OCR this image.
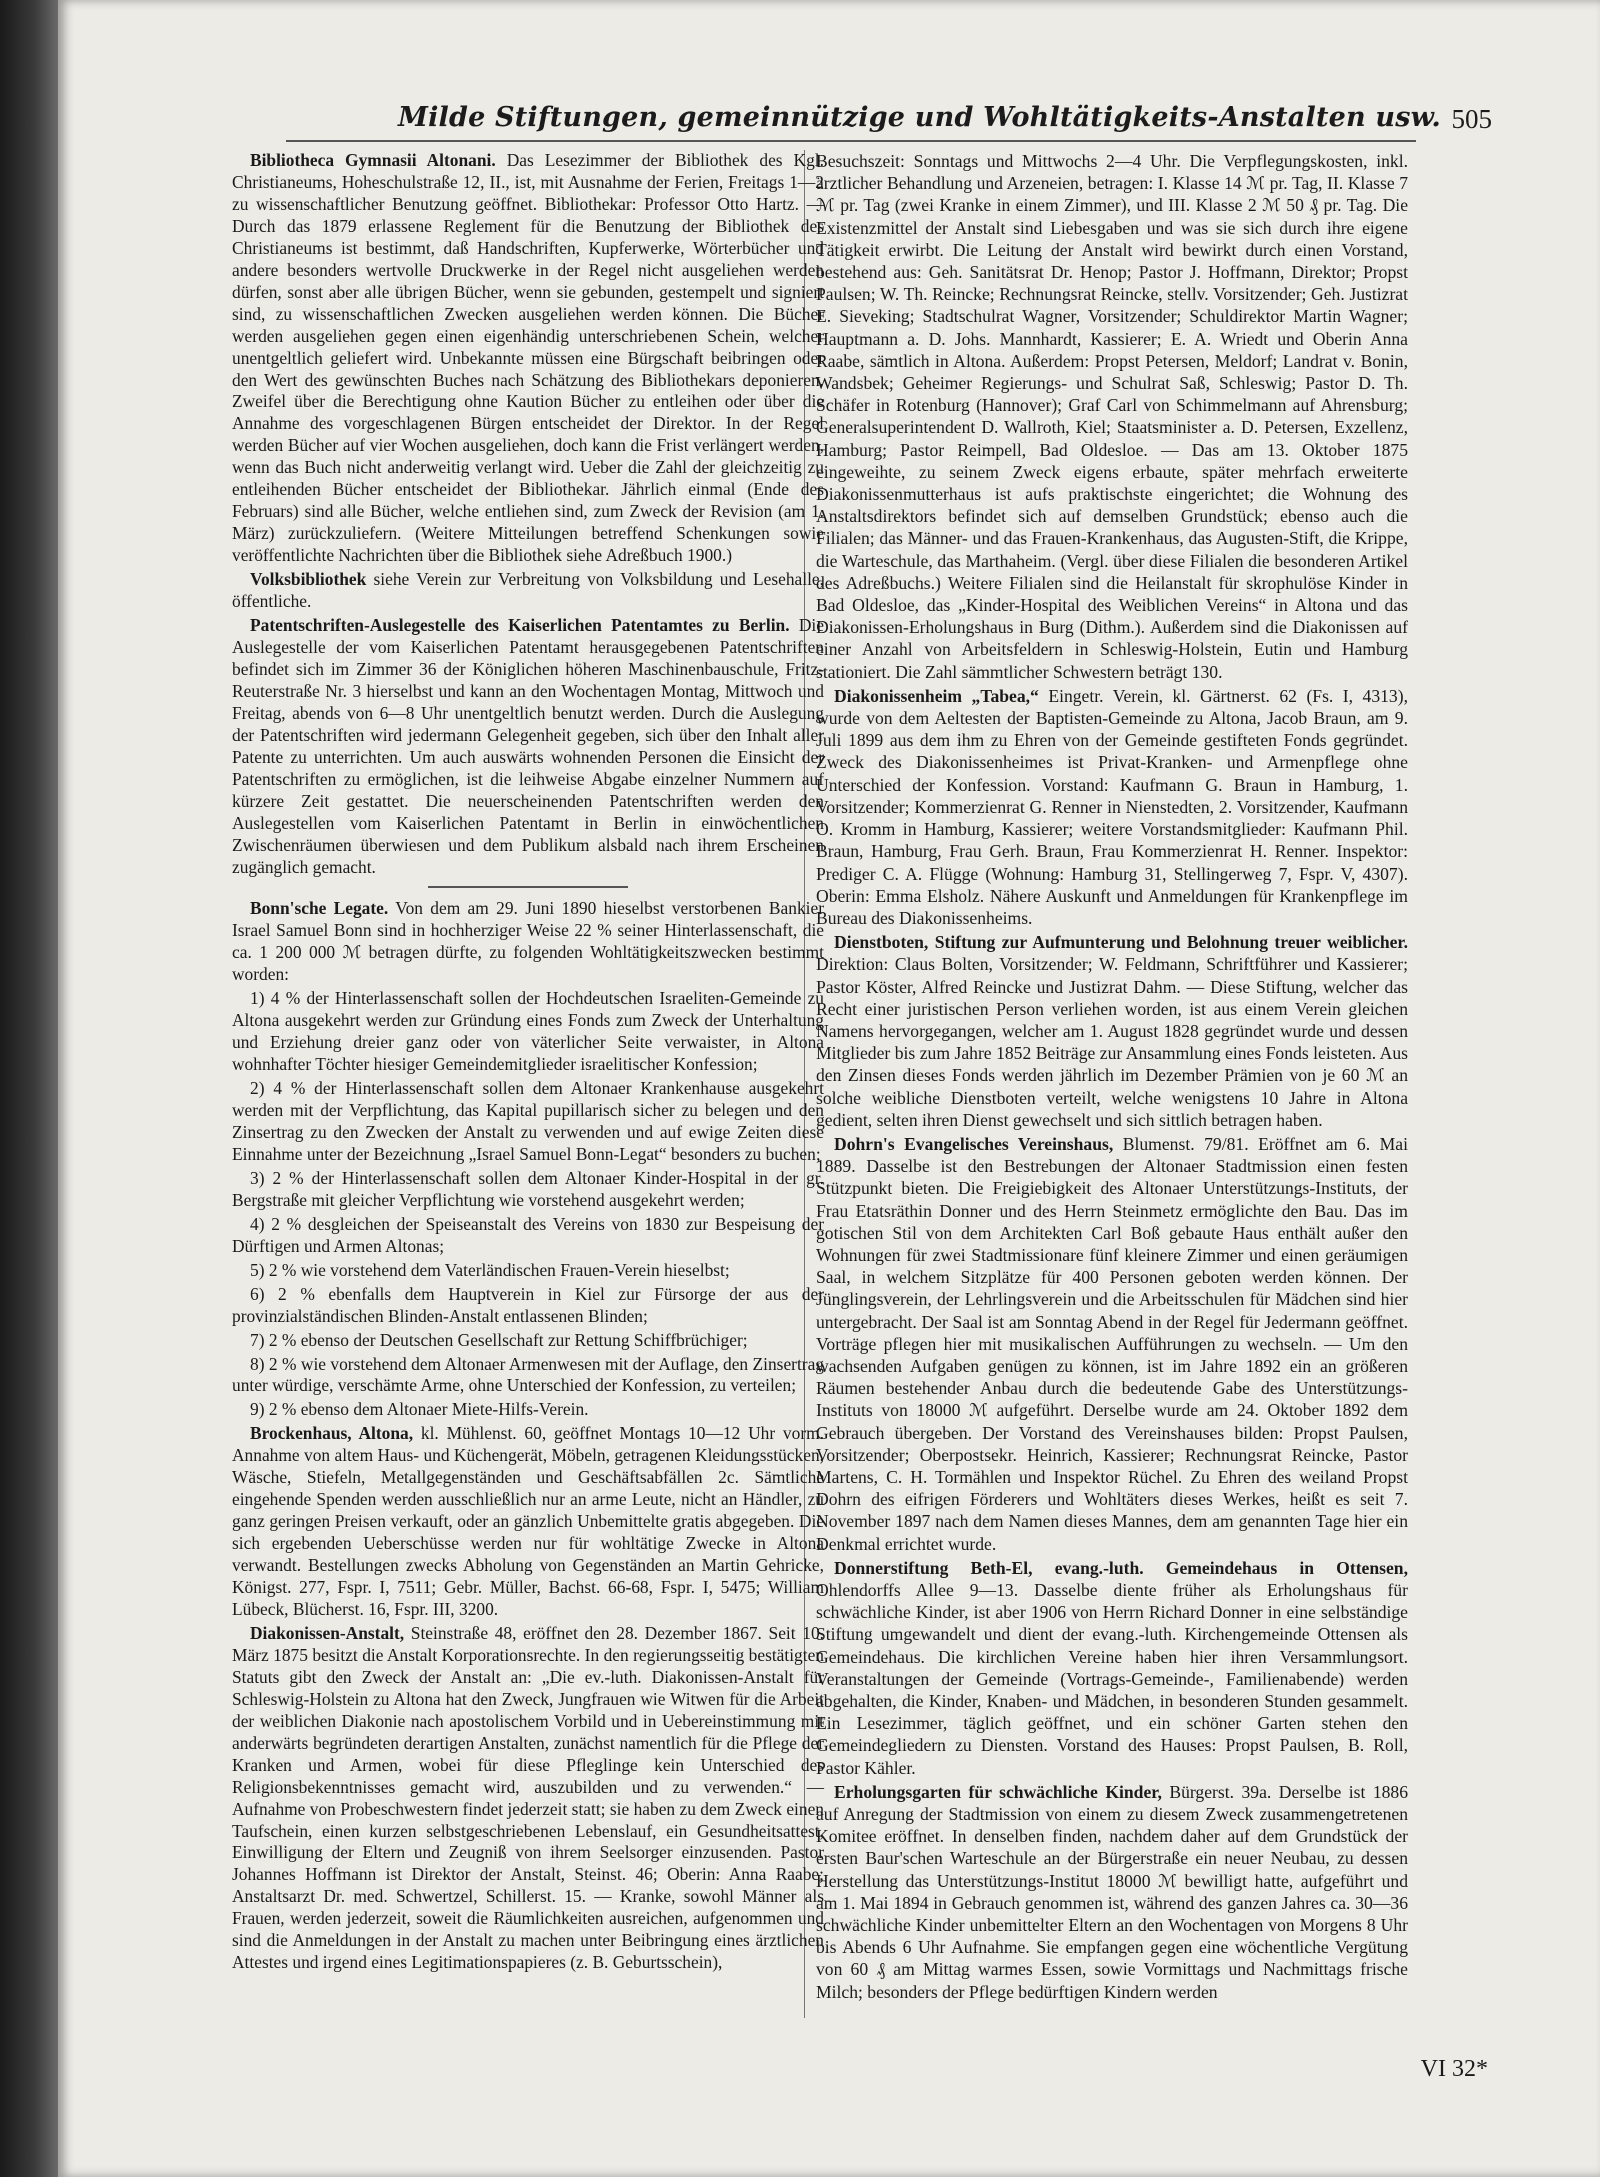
Milde Stiftungen, gemeinnützige und Wohltätigkeits-Anstalten usw. 505

Bibliotheca Gymnasii Altonani. Das Lesezimmer der Bibliothek des Kgl. Christianeums, Hoheschulstraße 12, II., ist, mit Ausnahme der Ferien, Freitags 1—2 zu wissenschaftlicher Benutzung geöffnet. Bibliothekar: Professor Otto Hartz. — Durch das 1879 erlassene Reglement für die Benutzung der Bibliothek des Christianeums ist bestimmt, daß Handschriften, Kupferwerke, Wörterbücher und andere besonders wertvolle Druckwerke in der Regel nicht ausgeliehen werden dürfen, sonst aber alle übrigen Bücher, wenn sie gebunden, gestempelt und signiert sind, zu wissenschaftlichen Zwecken ausgeliehen werden können. Die Bücher werden ausgeliehen gegen einen eigenhändig unterschriebenen Schein, welcher unentgeltlich geliefert wird. Unbekannte müssen eine Bürgschaft beibringen oder den Wert des gewünschten Buches nach Schätzung des Bibliothekars deponieren. Zweifel über die Berechtigung ohne Kaution Bücher zu entleihen oder über die Annahme des vorgeschlagenen Bürgen entscheidet der Direktor. In der Regel werden Bücher auf vier Wochen ausgeliehen, doch kann die Frist verlängert werden, wenn das Buch nicht anderweitig verlangt wird. Ueber die Zahl der gleichzeitig zu entleihenden Bücher entscheidet der Bibliothekar. Jährlich einmal (Ende des Februars) sind alle Bücher, welche entliehen sind, zum Zweck der Revision (am 1. März) zurückzuliefern. (Weitere Mitteilungen betreffend Schenkungen sowie veröffentlichte Nachrichten über die Bibliothek siehe Adreßbuch 1900.)

Volksbibliothek siehe Verein zur Verbreitung von Volksbildung und Lesehalle, öffentliche.

Patentschriften-Auslegestelle des Kaiserlichen Patentamtes zu Berlin. Die Auslegestelle der vom Kaiserlichen Patentamt herausgegebenen Patentschriften befindet sich im Zimmer 36 der Königlichen höheren Maschinenbauschule, Fritz-Reuterstraße Nr. 3 hierselbst und kann an den Wochentagen Montag, Mittwoch und Freitag, abends von 6—8 Uhr unentgeltlich benutzt werden. Durch die Auslegung der Patentschriften wird jedermann Gelegenheit gegeben, sich über den Inhalt aller Patente zu unterrichten. Um auch auswärts wohnenden Personen die Einsicht der Patentschriften zu ermöglichen, ist die leihweise Abgabe einzelner Nummern auf kürzere Zeit gestattet. Die neuerscheinenden Patentschriften werden den Auslegestellen vom Kaiserlichen Patentamt in Berlin in einwöchentlichen Zwischenräumen überwiesen und dem Publikum alsbald nach ihrem Erscheinen zugänglich gemacht.

Bonn'sche Legate. Von dem am 29. Juni 1890 hieselbst verstorbenen Bankier Israel Samuel Bonn sind in hochherziger Weise 22 % seiner Hinterlassenschaft, die ca. 1 200 000 ℳ betragen dürfte, zu folgenden Wohltätigkeitszwecken bestimmt worden:

1) 4 % der Hinterlassenschaft sollen der Hochdeutschen Israeliten-Gemeinde zu Altona ausgekehrt werden zur Gründung eines Fonds zum Zweck der Unterhaltung und Erziehung dreier ganz oder von väterlicher Seite verwaister, in Altona wohnhafter Töchter hiesiger Gemeindemitglieder israelitischer Konfession;

2) 4 % der Hinterlassenschaft sollen dem Altonaer Krankenhause ausgekehrt werden mit der Verpflichtung, das Kapital pupillarisch sicher zu belegen und den Zinsertrag zu den Zwecken der Anstalt zu verwenden und auf ewige Zeiten diese Einnahme unter der Bezeichnung „Israel Samuel Bonn-Legat“ besonders zu buchen;

3) 2 % der Hinterlassenschaft sollen dem Altonaer Kinder-Hospital in der gr. Bergstraße mit gleicher Verpflichtung wie vorstehend ausgekehrt werden;

4) 2 % desgleichen der Speiseanstalt des Vereins von 1830 zur Bespeisung der Dürftigen und Armen Altonas;

5) 2 % wie vorstehend dem Vaterländischen Frauen-Verein hieselbst;

6) 2 % ebenfalls dem Hauptverein in Kiel zur Fürsorge der aus der provinzialständischen Blinden-Anstalt entlassenen Blinden;

7) 2 % ebenso der Deutschen Gesellschaft zur Rettung Schiffbrüchiger;

8) 2 % wie vorstehend dem Altonaer Armenwesen mit der Auflage, den Zinsertrag unter würdige, verschämte Arme, ohne Unterschied der Konfession, zu verteilen;

9) 2 % ebenso dem Altonaer Miete-Hilfs-Verein.

Brockenhaus, Altona, kl. Mühlenst. 60, geöffnet Montags 10—12 Uhr vorm. Annahme von altem Haus- und Küchengerät, Möbeln, getragenen Kleidungsstücken, Wäsche, Stiefeln, Metallgegenständen und Geschäftsabfällen 2c. Sämtliche eingehende Spenden werden ausschließlich nur an arme Leute, nicht an Händler, zu ganz geringen Preisen verkauft, oder an gänzlich Unbemittelte gratis abgegeben. Die sich ergebenden Ueberschüsse werden nur für wohltätige Zwecke in Altona verwandt. Bestellungen zwecks Abholung von Gegenständen an Martin Gehricke, Königst. 277, Fspr. I, 7511; Gebr. Müller, Bachst. 66-68, Fspr. I, 5475; William Lübeck, Blücherst. 16, Fspr. III, 3200.

Diakonissen-Anstalt, Steinstraße 48, eröffnet den 28. Dezember 1867. Seit 10. März 1875 besitzt die Anstalt Korporationsrechte. In den regierungsseitig bestätigten Statuts gibt den Zweck der Anstalt an: „Die ev.-luth. Diakonissen-Anstalt für Schleswig-Holstein zu Altona hat den Zweck, Jungfrauen wie Witwen für die Arbeit der weiblichen Diakonie nach apostolischem Vorbild und in Uebereinstimmung mit anderwärts begründeten derartigen Anstalten, zunächst namentlich für die Pflege der Kranken und Armen, wobei für diese Pfleglinge kein Unterschied des Religionsbekenntnisses gemacht wird, auszubilden und zu verwenden.“ — Aufnahme von Probeschwestern findet jederzeit statt; sie haben zu dem Zweck einen Taufschein, einen kurzen selbstgeschriebenen Lebenslauf, ein Gesundheitsattest, Einwilligung der Eltern und Zeugniß von ihrem Seelsorger einzusenden. Pastor Johannes Hoffmann ist Direktor der Anstalt, Steinst. 46; Oberin: Anna Raabe; Anstaltsarzt Dr. med. Schwertzel, Schillerst. 15. — Kranke, sowohl Männer als Frauen, werden jederzeit, soweit die Räumlichkeiten ausreichen, aufgenommen und sind die Anmeldungen in der Anstalt zu machen unter Beibringung eines ärztlichen Attestes und irgend eines Legitimationspapieres (z. B. Geburtsschein),

Besuchszeit: Sonntags und Mittwochs 2—4 Uhr. Die Verpflegungskosten, inkl. ärztlicher Behandlung und Arzeneien, betragen: I. Klasse 14 ℳ pr. Tag, II. Klasse 7 ℳ pr. Tag (zwei Kranke in einem Zimmer), und III. Klasse 2 ℳ 50 ₰ pr. Tag. Die Existenzmittel der Anstalt sind Liebesgaben und was sie sich durch ihre eigene Tätigkeit erwirbt. Die Leitung der Anstalt wird bewirkt durch einen Vorstand, bestehend aus: Geh. Sanitätsrat Dr. Henop; Pastor J. Hoffmann, Direktor; Propst Paulsen; W. Th. Reincke; Rechnungsrat Reincke, stellv. Vorsitzender; Geh. Justizrat E. Sieveking; Stadtschulrat Wagner, Vorsitzender; Schuldirektor Martin Wagner; Hauptmann a. D. Johs. Mannhardt, Kassierer; E. A. Wriedt und Oberin Anna Raabe, sämtlich in Altona. Außerdem: Propst Petersen, Meldorf; Landrat v. Bonin, Wandsbek; Geheimer Regierungs- und Schulrat Saß, Schleswig; Pastor D. Th. Schäfer in Rotenburg (Hannover); Graf Carl von Schimmelmann auf Ahrensburg; Generalsuperintendent D. Wallroth, Kiel; Staatsminister a. D. Petersen, Exzellenz, Hamburg; Pastor Reimpell, Bad Oldesloe. — Das am 13. Oktober 1875 eingeweihte, zu seinem Zweck eigens erbaute, später mehrfach erweiterte Diakonissenmutterhaus ist aufs praktischste eingerichtet; die Wohnung des Anstaltsdirektors befindet sich auf demselben Grundstück; ebenso auch die Filialen; das Männer- und das Frauen-Krankenhaus, das Augusten-Stift, die Krippe, die Warteschule, das Marthaheim. (Vergl. über diese Filialen die besonderen Artikel des Adreßbuchs.) Weitere Filialen sind die Heilanstalt für skrophulöse Kinder in Bad Oldesloe, das „Kinder-Hospital des Weiblichen Vereins“ in Altona und das Diakonissen-Erholungshaus in Burg (Dithm.). Außerdem sind die Diakonissen auf einer Anzahl von Arbeitsfeldern in Schleswig-Holstein, Eutin und Hamburg stationiert. Die Zahl sämmtlicher Schwestern beträgt 130.

Diakonissenheim „Tabea,“ Eingetr. Verein, kl. Gärtnerst. 62 (Fs. I, 4313), wurde von dem Aeltesten der Baptisten-Gemeinde zu Altona, Jacob Braun, am 9. Juli 1899 aus dem ihm zu Ehren von der Gemeinde gestifteten Fonds gegründet. Zweck des Diakonissenheimes ist Privat-Kranken- und Armenpflege ohne Unterschied der Konfession. Vorstand: Kaufmann G. Braun in Hamburg, 1. Vorsitzender; Kommerzienrat G. Renner in Nienstedten, 2. Vorsitzender, Kaufmann O. Kromm in Hamburg, Kassierer; weitere Vorstandsmitglieder: Kaufmann Phil. Braun, Hamburg, Frau Gerh. Braun, Frau Kommerzienrat H. Renner. Inspektor: Prediger C. A. Flügge (Wohnung: Hamburg 31, Stellingerweg 7, Fspr. V, 4307). Oberin: Emma Elsholz. Nähere Auskunft und Anmeldungen für Krankenpflege im Bureau des Diakonissenheims.

Dienstboten, Stiftung zur Aufmunterung und Belohnung treuer weiblicher. Direktion: Claus Bolten, Vorsitzender; W. Feldmann, Schriftführer und Kassierer; Pastor Köster, Alfred Reincke und Justizrat Dahm. — Diese Stiftung, welcher das Recht einer juristischen Person verliehen worden, ist aus einem Verein gleichen Namens hervorgegangen, welcher am 1. August 1828 gegründet wurde und dessen Mitglieder bis zum Jahre 1852 Beiträge zur Ansammlung eines Fonds leisteten. Aus den Zinsen dieses Fonds werden jährlich im Dezember Prämien von je 60 ℳ an solche weibliche Dienstboten verteilt, welche wenigstens 10 Jahre in Altona gedient, selten ihren Dienst gewechselt und sich sittlich betragen haben.

Dohrn's Evangelisches Vereinshaus, Blumenst. 79/81. Eröffnet am 6. Mai 1889. Dasselbe ist den Bestrebungen der Altonaer Stadtmission einen festen Stützpunkt bieten. Die Freigiebigkeit des Altonaer Unterstützungs-Instituts, der Frau Etatsräthin Donner und des Herrn Steinmetz ermöglichte den Bau. Das im gotischen Stil von dem Architekten Carl Boß gebaute Haus enthält außer den Wohnungen für zwei Stadtmissionare fünf kleinere Zimmer und einen geräumigen Saal, in welchem Sitzplätze für 400 Personen geboten werden können. Der Jünglingsverein, der Lehrlingsverein und die Arbeitsschulen für Mädchen sind hier untergebracht. Der Saal ist am Sonntag Abend in der Regel für Jedermann geöffnet. Vorträge pflegen hier mit musikalischen Aufführungen zu wechseln. — Um den wachsenden Aufgaben genügen zu können, ist im Jahre 1892 ein an größeren Räumen bestehender Anbau durch die bedeutende Gabe des Unterstützungs-Instituts von 18000 ℳ aufgeführt. Derselbe wurde am 24. Oktober 1892 dem Gebrauch übergeben. Der Vorstand des Vereinshauses bilden: Propst Paulsen, Vorsitzender; Oberpostsekr. Heinrich, Kassierer; Rechnungsrat Reincke, Pastor Martens, C. H. Tormählen und Inspektor Rüchel. Zu Ehren des weiland Propst Dohrn des eifrigen Förderers und Wohltäters dieses Werkes, heißt es seit 7. November 1897 nach dem Namen dieses Mannes, dem am genannten Tage hier ein Denkmal errichtet wurde.

Donnerstiftung Beth-El, evang.-luth. Gemeindehaus in Ottensen, Ohlendorffs Allee 9—13. Dasselbe diente früher als Erholungshaus für schwächliche Kinder, ist aber 1906 von Herrn Richard Donner in eine selbständige Stiftung umgewandelt und dient der evang.-luth. Kirchengemeinde Ottensen als Gemeindehaus. Die kirchlichen Vereine haben hier ihren Versammlungsort. Veranstaltungen der Gemeinde (Vortrags-Gemeinde-, Familienabende) werden abgehalten, die Kinder, Knaben- und Mädchen, in besonderen Stunden gesammelt. Ein Lesezimmer, täglich geöffnet, und ein schöner Garten stehen den Gemeindegliedern zu Diensten. Vorstand des Hauses: Propst Paulsen, B. Roll, Pastor Kähler.

Erholungsgarten für schwächliche Kinder, Bürgerst. 39a. Derselbe ist 1886 auf Anregung der Stadtmission von einem zu diesem Zweck zusammengetretenen Komitee eröffnet. In denselben finden, nachdem daher auf dem Grundstück der ersten Baur'schen Warteschule an der Bürgerstraße ein neuer Neubau, zu dessen Herstellung das Unterstützungs-Institut 18000 ℳ bewilligt hatte, aufgeführt und am 1. Mai 1894 in Gebrauch genommen ist, während des ganzen Jahres ca. 30—36 schwächliche Kinder unbemittelter Eltern an den Wochentagen von Morgens 8 Uhr bis Abends 6 Uhr Aufnahme. Sie empfangen gegen eine wöchentliche Vergütung von 60 ₰ am Mittag warmes Essen, sowie Vormittags und Nachmittags frische Milch; besonders der Pflege bedürftigen Kindern werden

VI 32*
